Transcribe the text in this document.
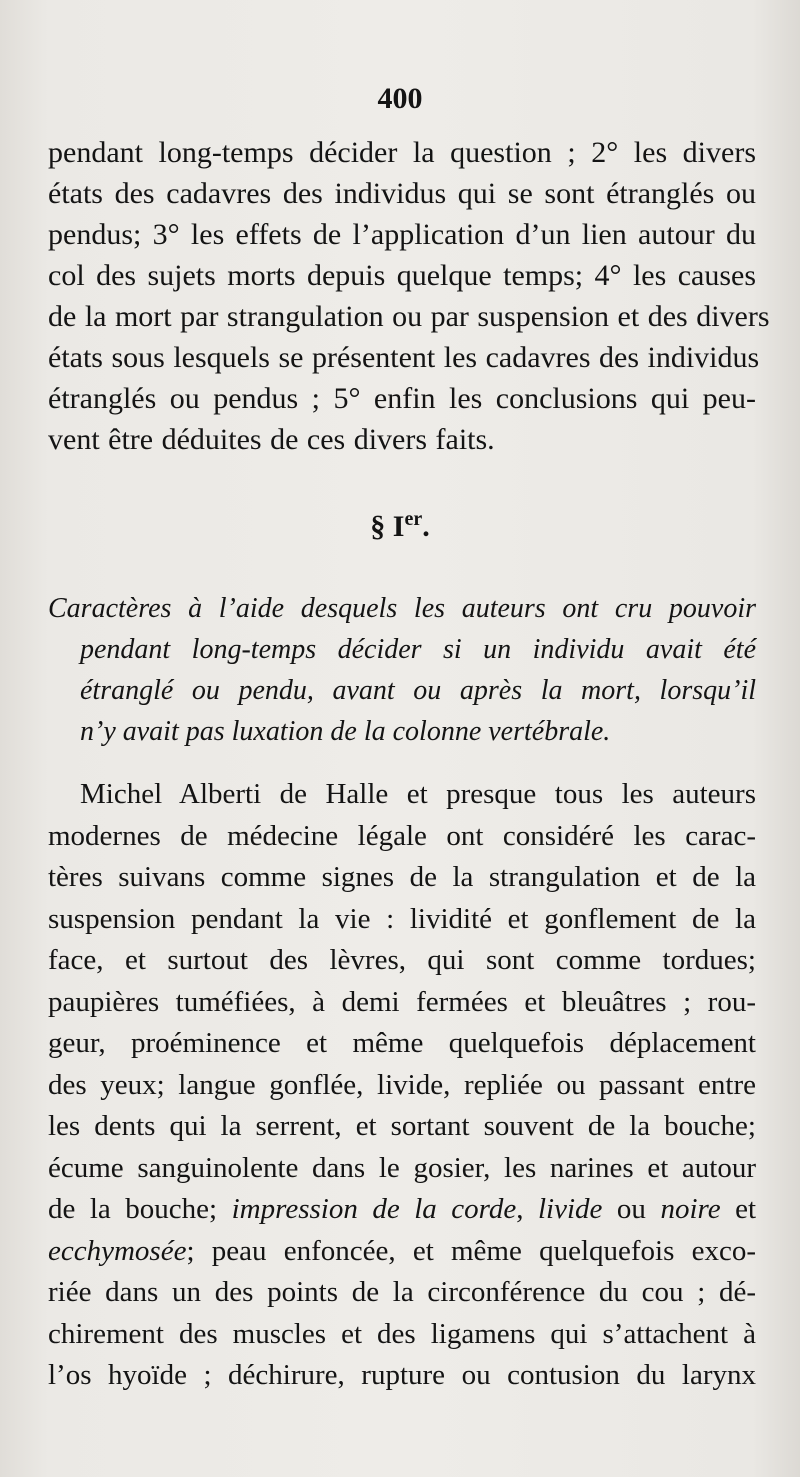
400
pendant long-temps décider la question ; 2° les divers
états des cadavres des individus qui se sont étranglés ou
pendus; 3° les effets de l’application d’un lien autour du
col des sujets morts depuis quelque temps; 4° les causes
de la mort par strangulation ou par suspension et des divers
états sous lesquels se présentent les cadavres des individus
étranglés ou pendus ; 5° enfin les conclusions qui peu-
vent être déduites de ces divers faits.
§ Ier.
Caractères à l’aide desquels les auteurs ont cru pouvoir
pendant long-temps décider si un individu avait été
étranglé ou pendu, avant ou après la mort, lorsqu’il
n’y avait pas luxation de la colonne vertébrale.
Michel Alberti de Halle et presque tous les auteurs
modernes de médecine légale ont considéré les carac-
tères suivans comme signes de la strangulation et de la
suspension pendant la vie : lividité et gonflement de la
face, et surtout des lèvres, qui sont comme tordues;
paupières tuméfiées, à demi fermées et bleuâtres ; rou-
geur, proéminence et même quelquefois déplacement
des yeux; langue gonflée, livide, repliée ou passant entre
les dents qui la serrent, et sortant souvent de la bouche;
écume sanguinolente dans le gosier, les narines et autour
de la bouche; impression de la corde, livide ou noire et
ecchymosée; peau enfoncée, et même quelquefois exco-
riée dans un des points de la circonférence du cou ; dé-
chirement des muscles et des ligamens qui s’attachent à
l’os hyoïde ; déchirure, rupture ou contusion du larynx
